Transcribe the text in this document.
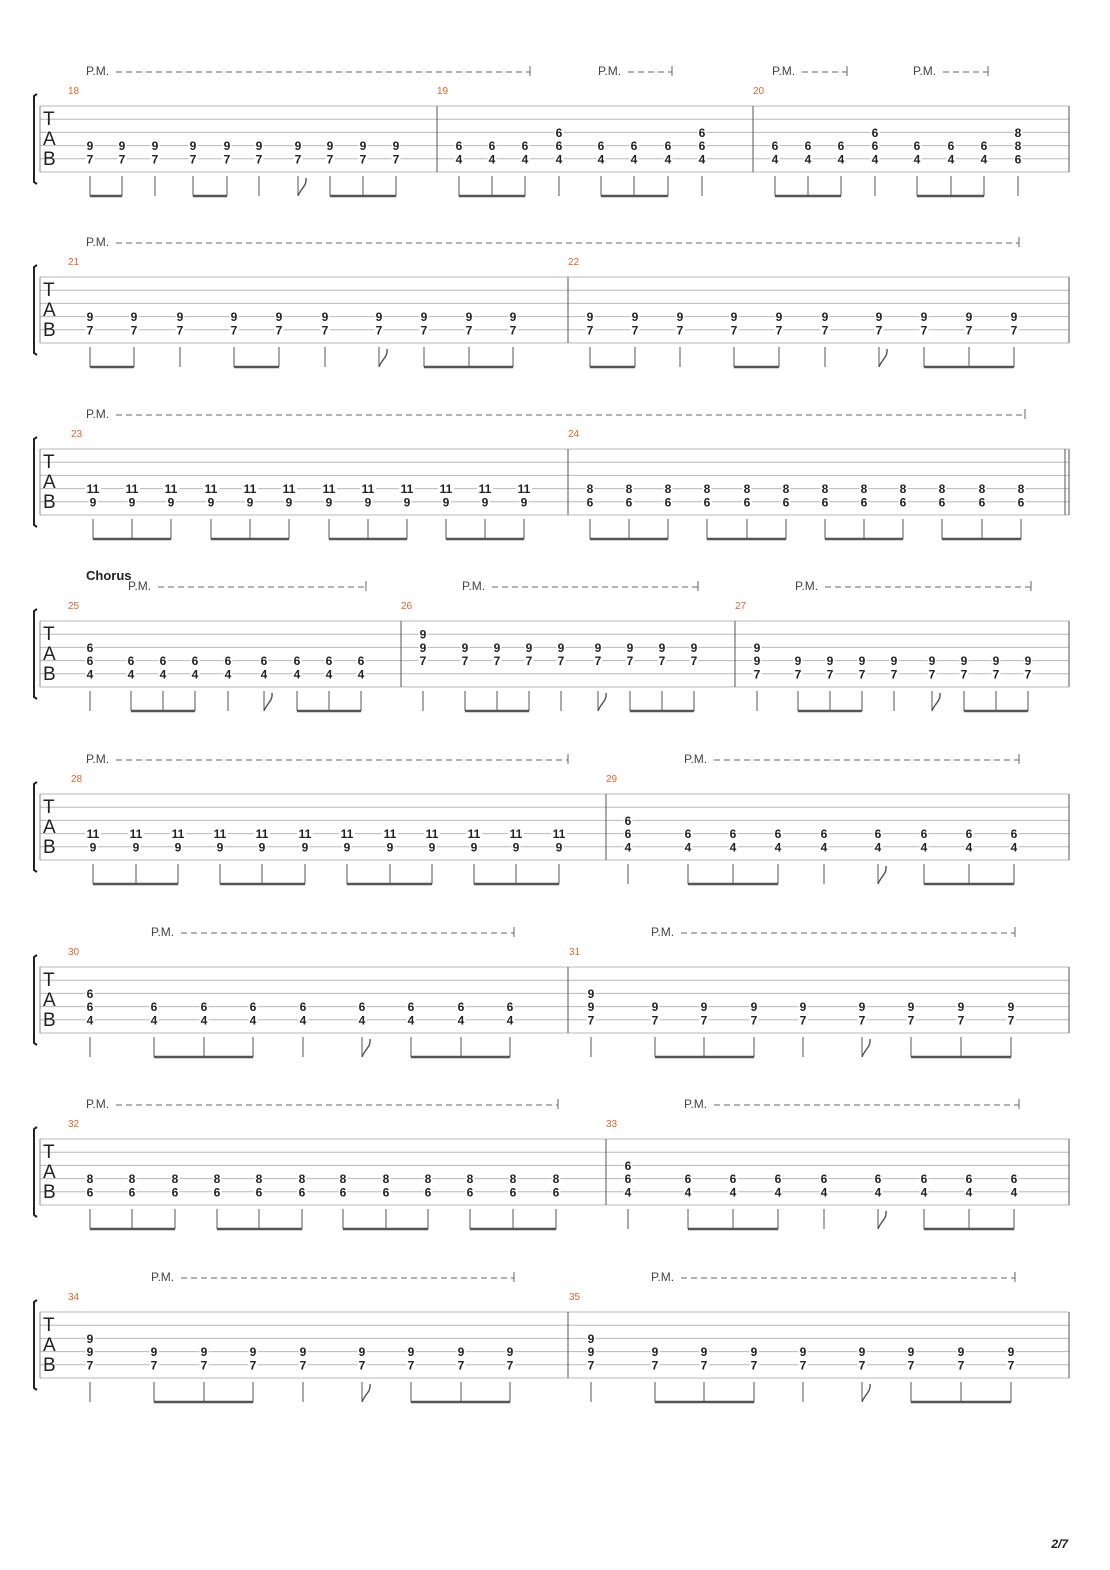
T
A
B
P.M.	P.M.	P.M.	P.M.
18
9
7
9
7
9
7
9
7
9
7
9
7
9
7
9
7
9
7
9
7
19
6
4
6
4
6
4
6
6
4
6
4
6
4
6
4
6
6
4
20
6
4
6
4
6
4
6
6
4
6
4
6
4
6
4
8
8
6
T
A
B
P.M.
21
9
7
9
7
9
7
9
7
9
7
9
7
9
7
9
7
9
7
9
7
22
9
7
9
7
9
7
9
7
9
7
9
7
9
7
9
7
9
7
9
7
T
A
B
P.M.
23
11
9
11
9
11
9
11
9
11
9
11
9
11
9
11
9
11
9
11
9
11
9
11
9
24
8
6
8
6
8
6
8
6
8
6
8
6
8
6
8
6
8
6
8
6
8
6
8
6
T
A
B
Chorus
P.M.	P.M.	P.M.
25
6
6
4
6
4
6
4
6
4
6
4
6
4
6
4
6
4
6
4
26
9
9
7
9
7
9
7
9
7
9
7
9
7
9
7
9
7
9
7
27
9
9
7
9
7
9
7
9
7
9
7
9
7
9
7
9
7
9
7
T
A
B
P.M.	P.M.
28
11
9
11
9
11
9
11
9
11
9
11
9
11
9
11
9
11
9
11
9
11
9
11
9
29
6
6
4
6
4
6
4
6
4
6
4
6
4
6
4
6
4
6
4
T
A
B
P.M.	P.M.
30
6
6
4
6
4
6
4
6
4
6
4
6
4
6
4
6
4
6
4
31
9
9
7
9
7
9
7
9
7
9
7
9
7
9
7
9
7
9
7
T
A
B
P.M.	P.M.
32
8
6
8
6
8
6
8
6
8
6
8
6
8
6
8
6
8
6
8
6
8
6
8
6
33
6
6
4
6
4
6
4
6
4
6
4
6
4
6
4
6
4
6
4
T
A
B
P.M.	P.M.
34
9
9
7
9
7
9
7
9
7
9
7
9
7
9
7
9
7
9
7
35
9
9
7
9
7
9
7
9
7
9
7
9
7
9
7
9
7
9
7
2/7
